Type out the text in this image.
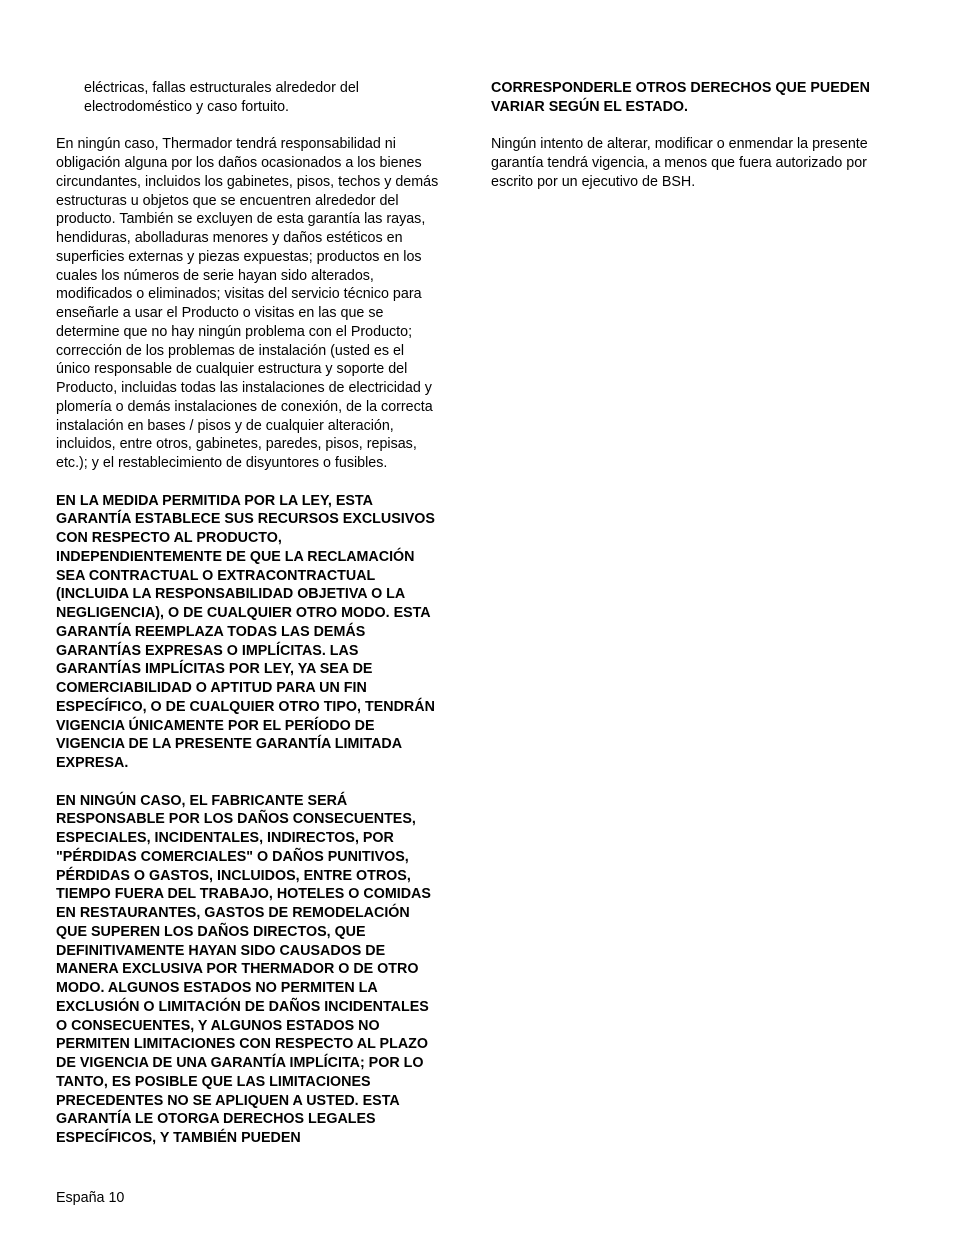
eléctricas, fallas estructurales alrededor del
electrodoméstico y caso fortuito.

En ningún caso, Thermador tendrá responsabilidad ni
obligación alguna por los daños ocasionados a los bienes
circundantes, incluidos los gabinetes, pisos, techos y demás
estructuras u objetos que se encuentren alrededor del
producto. También se excluyen de esta garantía las rayas,
hendiduras, abolladuras menores y daños estéticos en
superficies externas y piezas expuestas; productos en los
cuales los números de serie hayan sido alterados,
modificados o eliminados; visitas del servicio técnico para
enseñarle a usar el Producto o visitas en las que se
determine que no hay ningún problema con el Producto;
corrección de los problemas de instalación (usted es el
único responsable de cualquier estructura y soporte del
Producto, incluidas todas las instalaciones de electricidad y
plomería o demás instalaciones de conexión, de la correcta
instalación en bases / pisos y de cualquier alteración,
incluidos, entre otros, gabinetes, paredes, pisos, repisas,
etc.); y el restablecimiento de disyuntores o fusibles.

EN LA MEDIDA PERMITIDA POR LA LEY, ESTA
GARANTÍA ESTABLECE SUS RECURSOS EXCLUSIVOS
CON RESPECTO AL PRODUCTO,
INDEPENDIENTEMENTE DE QUE LA RECLAMACIÓN
SEA CONTRACTUAL O EXTRACONTRACTUAL
(INCLUIDA LA RESPONSABILIDAD OBJETIVA O LA
NEGLIGENCIA), O DE CUALQUIER OTRO MODO. ESTA
GARANTÍA REEMPLAZA TODAS LAS DEMÁS
GARANTÍAS EXPRESAS O IMPLÍCITAS. LAS
GARANTÍAS IMPLÍCITAS POR LEY, YA SEA DE
COMERCIABILIDAD O APTITUD PARA UN FIN
ESPECÍFICO, O DE CUALQUIER OTRO TIPO, TENDRÁN
VIGENCIA ÚNICAMENTE POR EL PERÍODO DE
VIGENCIA DE LA PRESENTE GARANTÍA LIMITADA
EXPRESA.

EN NINGÚN CASO, EL FABRICANTE SERÁ
RESPONSABLE POR LOS DAÑOS CONSECUENTES,
ESPECIALES, INCIDENTALES, INDIRECTOS, POR
"PÉRDIDAS COMERCIALES" O DAÑOS PUNITIVOS,
PÉRDIDAS O GASTOS, INCLUIDOS, ENTRE OTROS,
TIEMPO FUERA DEL TRABAJO, HOTELES O COMIDAS
EN RESTAURANTES, GASTOS DE REMODELACIÓN
QUE SUPEREN LOS DAÑOS DIRECTOS, QUE
DEFINITIVAMENTE HAYAN SIDO CAUSADOS DE
MANERA EXCLUSIVA POR THERMADOR O DE OTRO
MODO. ALGUNOS ESTADOS NO PERMITEN LA
EXCLUSIÓN O LIMITACIÓN DE DAÑOS INCIDENTALES
O CONSECUENTES, Y ALGUNOS ESTADOS NO
PERMITEN LIMITACIONES CON RESPECTO AL PLAZO
DE VIGENCIA DE UNA GARANTÍA IMPLÍCITA; POR LO
TANTO, ES POSIBLE QUE LAS LIMITACIONES
PRECEDENTES NO SE APLIQUEN A USTED. ESTA
GARANTÍA LE OTORGA DERECHOS LEGALES
ESPECÍFICOS, Y TAMBIÉN PUEDEN

CORRESPONDERLE OTROS DERECHOS QUE PUEDEN
VARIAR SEGÚN EL ESTADO.

Ningún intento de alterar, modificar o enmendar la presente
garantía tendrá vigencia, a menos que fuera autorizado por
escrito por un ejecutivo de BSH.

España 10
